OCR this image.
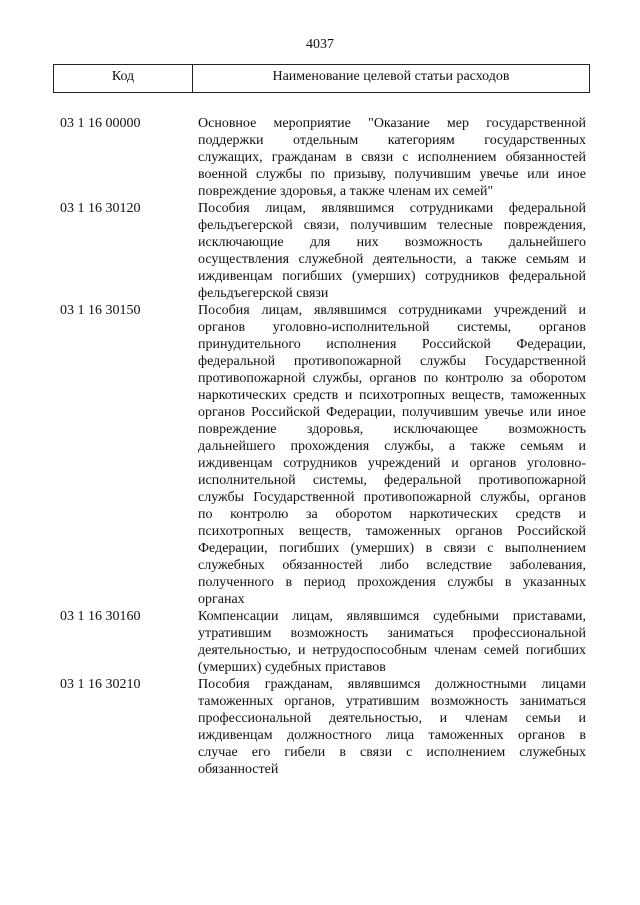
4037
Код	Наименование целевой статьи расходов
03 1 16 00000	Основное мероприятие "Оказание мер государственной
поддержки отдельным категориям государственных
служащих, гражданам в связи с исполнением обязанностей
военной службы по призыву, получившим увечье или иное
повреждение здоровья, а также членам их семей"
03 1 16 30120	Пособия лицам, являвшимся сотрудниками федеральной
фельдъегерской связи, получившим телесные повреждения,
исключающие для них возможность дальнейшего
осуществления служебной деятельности, а также семьям и
иждивенцам погибших (умерших) сотрудников федеральной
фельдъегерской связи
03 1 16 30150	Пособия лицам, являвшимся сотрудниками учреждений и
органов уголовно-исполнительной системы, органов
принудительного исполнения Российской Федерации,
федеральной противопожарной службы Государственной
противопожарной службы, органов по контролю за оборотом
наркотических средств и психотропных веществ, таможенных
органов Российской Федерации, получившим увечье или иное
повреждение здоровья, исключающее возможность
дальнейшего прохождения службы, а также семьям и
иждивенцам сотрудников учреждений и органов уголовно-
исполнительной системы, федеральной противопожарной
службы Государственной противопожарной службы, органов
по контролю за оборотом наркотических средств и
психотропных веществ, таможенных органов Российской
Федерации, погибших (умерших) в связи с выполнением
служебных обязанностей либо вследствие заболевания,
полученного в период прохождения службы в указанных
органах
03 1 16 30160	Компенсации лицам, являвшимся судебными приставами,
утратившим возможность заниматься профессиональной
деятельностью, и нетрудоспособным членам семей погибших
(умерших) судебных приставов
03 1 16 30210	Пособия гражданам, являвшимся должностными лицами
таможенных органов, утратившим возможность заниматься
профессиональной деятельностью, и членам семьи и
иждивенцам должностного лица таможенных органов в
случае его гибели в связи с исполнением служебных
обязанностей
